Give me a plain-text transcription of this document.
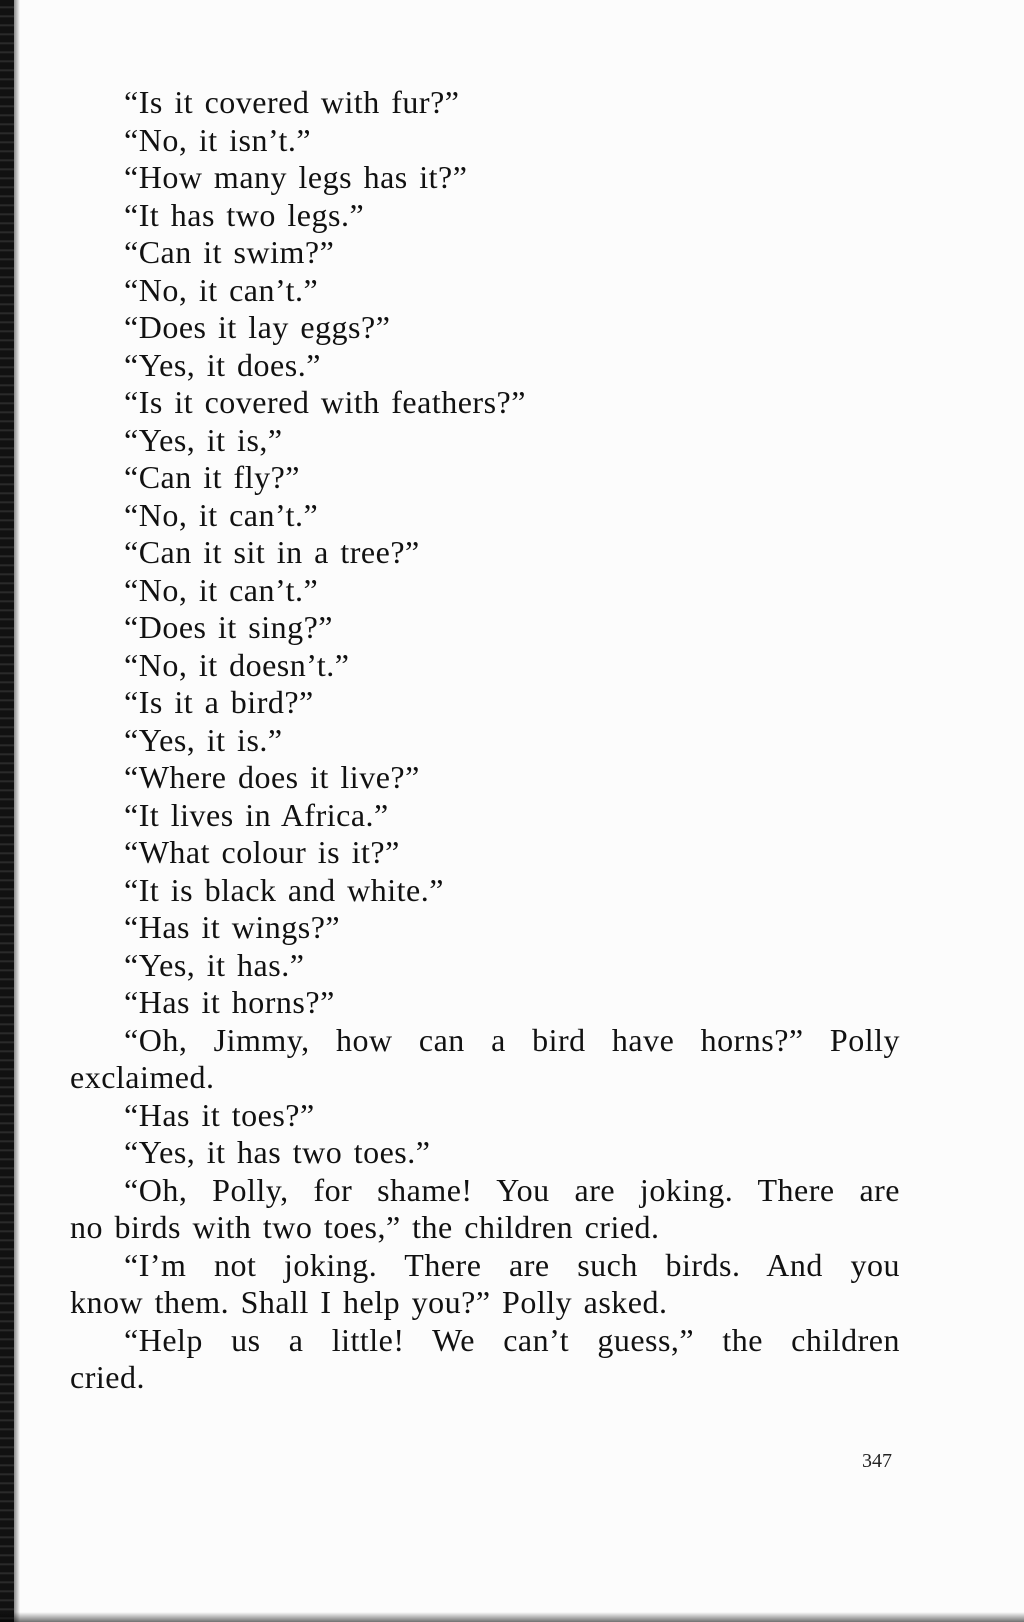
“Is it covered with fur?”
“No, it isn’t.”
“How many legs has it?”
“It has two legs.”
“Can it swim?”
“No, it can’t.”
“Does it lay eggs?”
“Yes, it does.”
“Is it covered with feathers?”
“Yes, it is,”
“Can it fly?”
“No, it can’t.”
“Can it sit in a tree?”
“No, it can’t.”
“Does it sing?”
“No, it doesn’t.”
“Is it a bird?”
“Yes, it is.”
“Where does it live?”
“It lives in Africa.”
“What colour is it?”
“It is black and white.”
“Has it wings?”
“Yes, it has.”
“Has it horns?”
“Oh, Jimmy, how can a bird have horns?” Polly
exclaimed.
“Has it toes?”
“Yes, it has two toes.”
“Oh, Polly, for shame! You are joking. There are
no birds with two toes,” the children cried.
“I’m not joking. There are such birds. And you
know them. Shall I help you?” Polly asked.
“Help us a little! We can’t guess,” the children
cried.
347
